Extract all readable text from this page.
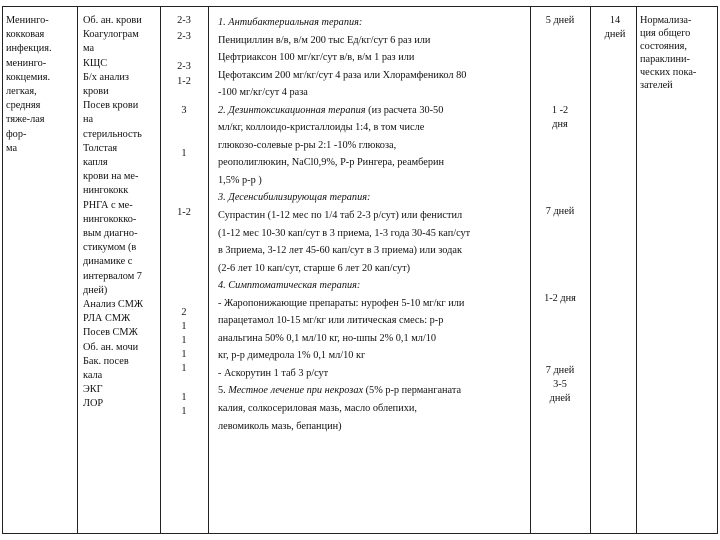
Менинго-
кокковая
инфекция.
менинго-
кокцемия.
легкая,
средняя
тяже-лая
фор-
ма
Об. ан. крови
Коагулограм
ма
КЩС
Б/х анализ
крови
Посев крови
на
стерильность
Толстая
капля
крови на ме-
нингококк
РНГА с ме-
нингококко-
вым диагно-
стикумом (в
динамике с
интервалом 7
дней)
Анализ СМЖ
РЛА СМЖ
Посев СМЖ
Об. ан. мочи
Бак. посев
кала
ЭКГ
ЛОР
2-3
2-3
2-3
1-2
3
1
1-2
2
1
1
1
1
1
1
1. Антибактериальная терапия:
Пенициллин в/в, в/м 200 тыс Ед/кг/сут 6 раз или
Цефтриаксон 100 мг/кг/сут в/в, в/м 1 раз или
Цефотаксим 200 мг/кг/сут 4 раза или Хлорамфеникол 80
-100 мг/кг/сут 4 раза
2. Дезинтоксикационная терапия (из расчета 30-50
мл/кг, коллоидо-кристаллоиды 1:4, в том числе
глюкозо-солевые р-ры 2:1 -10% глюкоза,
реополиглюкин, NaCl0,9%, Р-р Рингера, реамберин
1,5% р-р )
3. Десенсибилизирующая терапия:
Супрастин (1-12 мес по 1/4 таб 2-3 р/сут) или фенистил
(1-12 мес 10-30 кап/сут в 3 приема, 1-3 года 30-45 кап/сут
в 3приема, 3-12 лет 45-60 кап/сут в 3 приема) или зодак
(2-6 лет 10 кап/сут, старше 6 лет 20 кап/сут)
4. Симптоматическая терапия:
- Жаропонижающие препараты: нурофен 5-10 мг/кг или
парацетамол 10-15 мг/кг или литическая смесь: р-р
анальгина 50% 0,1 мл/10 кг, но-шпы 2% 0,1 мл/10
кг, р-р димедрола 1% 0,1 мл/10 кг
- Аскорутин 1 таб 3 р/сут
5. Местное лечение при некрозах (5% р-р перманганата
калия, солкосериловая мазь, масло облепихи,
левомиколь мазь, бепанцин)
5 дней
1 -2
дня
7 дней
1-2 дня
7 дней
3-5
дней
14
дней
Нормализа-
ция общего
состояния,
параклини-
ческих пока-
зателей
